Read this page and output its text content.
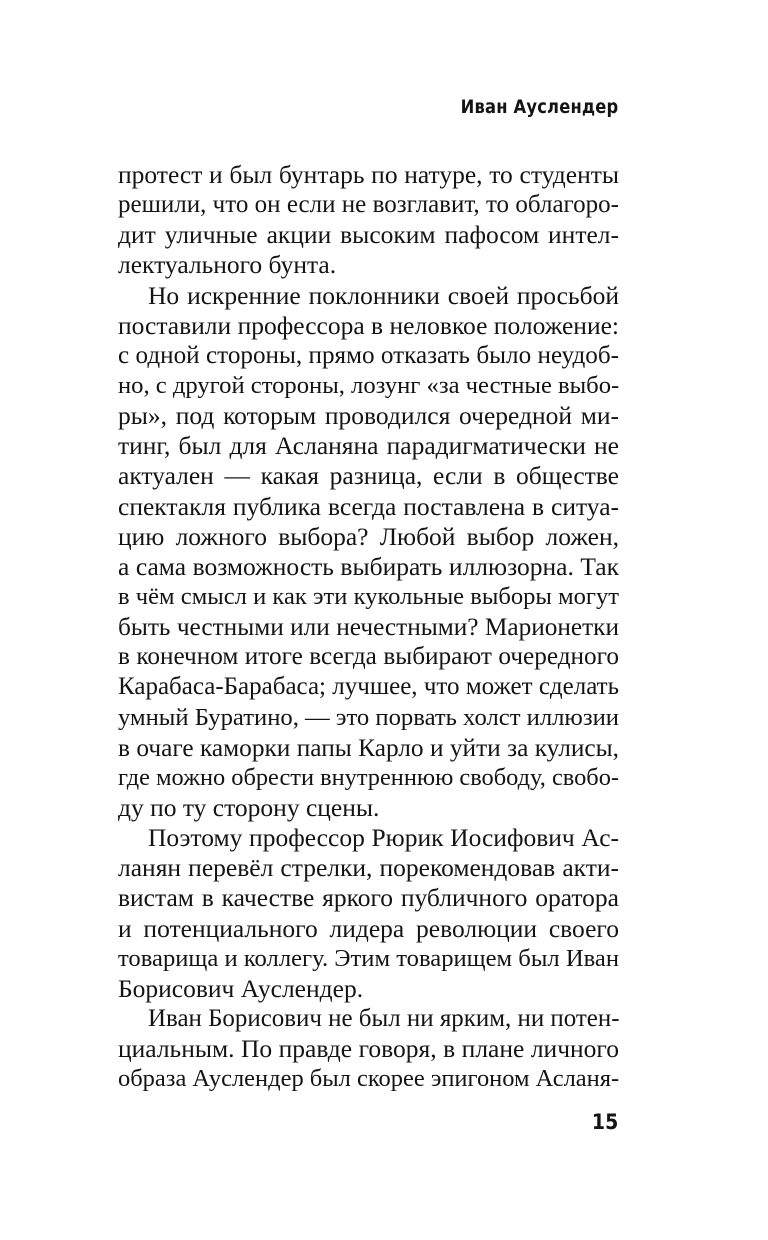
Иван Ауслендер
протест и был бунтарь по натуре, то студенты
решили, что он если не возглавит, то облагоро-
дит уличные акции высоким пафосом интел-
лектуального бунта.
Но искренние поклонники своей просьбой
поставили профессора в неловкое положение:
с одной стороны, прямо отказать было неудоб-
но, с другой стороны, лозунг «за честные выбо-
ры», под которым проводился очередной ми-
тинг, был для Асланяна парадигматически не
актуален — какая разница, если в обществе
спектакля публика всегда поставлена в ситуа-
цию ложного выбора? Любой выбор ложен,
а сама возможность выбирать иллюзорна. Так
в чём смысл и как эти кукольные выборы могут
быть честными или нечестными? Марионетки
в конечном итоге всегда выбирают очередного
Карабаса-Барабаса; лучшее, что может сделать
умный Буратино, — это порвать холст иллюзии
в очаге каморки папы Карло и уйти за кулисы,
где можно обрести внутреннюю свободу, свобо-
ду по ту сторону сцены.
Поэтому профессор Рюрик Иосифович Ас-
ланян перевёл стрелки, порекомендовав акти-
вистам в качестве яркого публичного оратора
и потенциального лидера революции своего
товарища и коллегу. Этим товарищем был Иван
Борисович Ауслендер.
Иван Борисович не был ни ярким, ни потен-
циальным. По правде говоря, в плане личного
образа Ауслендер был скорее эпигоном Асланя-
15
